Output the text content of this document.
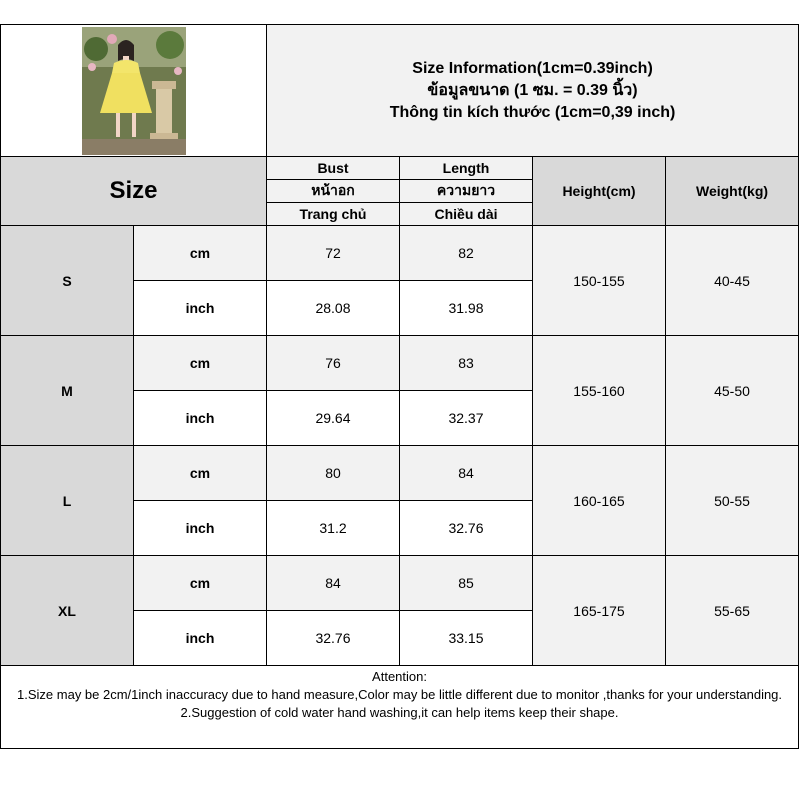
Size Information(1cm=0.39inch)
ข้อมูลขนาด (1 ซม. = 0.39 นิ้ว)
Thông tin kích thước (1cm=0,39 inch)			

Size		Bust	Length	Height(cm)	Weight(kg)
		หน้าอก	ความยาว		
		Trang chủ	Chiều dài		
S	cm	72	82	150-155	40-45
	inch	28.08	31.98		
M	cm	76	83	155-160	45-50
	inch	29.64	32.37		
L	cm	80	84	160-165	50-55
	inch	31.2	32.76		
XL	cm	84	85	165-175	55-65
	inch	32.76	33.15		

Attention:
1.Size may be 2cm/1inch inaccuracy due to hand measure,Color may be little different due to monitor ,thanks for your understanding.
2.Suggestion of cold water hand washing,it can help items keep their shape.					
